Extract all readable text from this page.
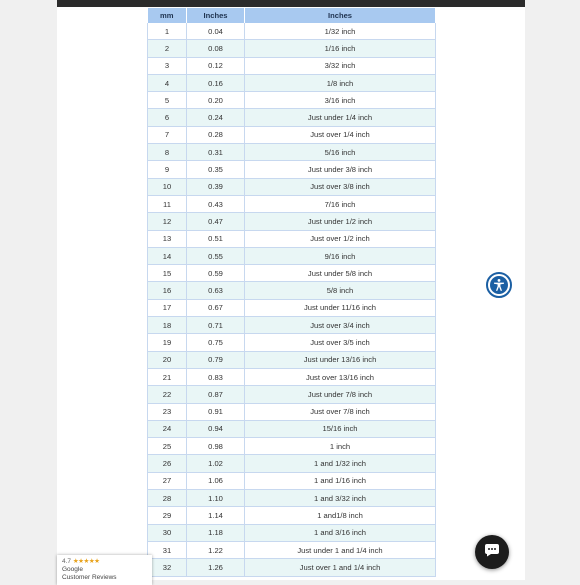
mm	Inches	Inches
1	0.04	1/32 inch
2	0.08	1/16 inch
3	0.12	3/32 inch
4	0.16	1/8 inch
5	0.20	3/16 inch
6	0.24	Just under 1/4 inch
7	0.28	Just over 1/4 inch
8	0.31	5/16 inch
9	0.35	Just under 3/8 inch
10	0.39	Just over 3/8 inch
11	0.43	7/16 inch
12	0.47	Just under 1/2 inch
13	0.51	Just over 1/2 inch
14	0.55	9/16 inch
15	0.59	Just under 5/8 inch
16	0.63	5/8 inch
17	0.67	Just under 11/16 inch
18	0.71	Just over 3/4 inch
19	0.75	Just over 3/5 inch
20	0.79	Just under 13/16 inch
21	0.83	Just over 13/16 inch
22	0.87	Just under 7/8 inch
23	0.91	Just over 7/8 inch
24	0.94	15/16 inch
25	0.98	1 inch
26	1.02	1 and 1/32 inch
27	1.06	1 and 1/16 inch
28	1.10	1 and 3/32 inch
29	1.14	1 and1/8 inch
30	1.18	1 and 3/16 inch
31	1.22	Just under 1 and 1/4 inch
32	1.26	Just over 1 and 1/4 inch
4.7 ★★★★★
Google
Customer Reviews
